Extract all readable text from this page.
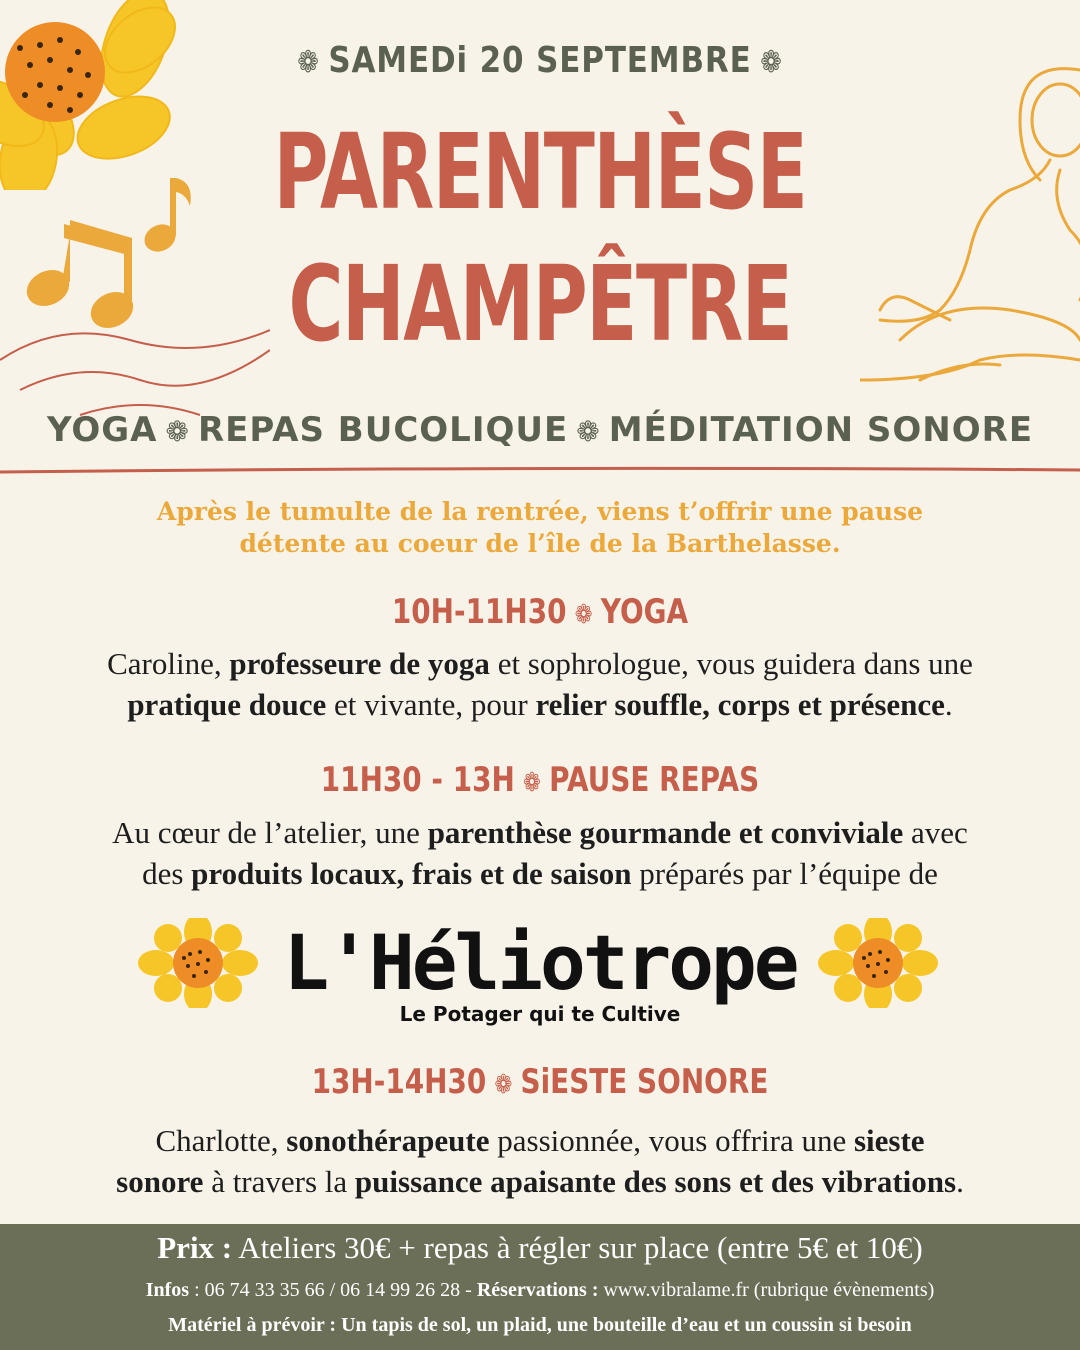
❁ SAMEDi 20 SEPTEMBRE ❁
PARENTHÈSE
CHAMPÊTRE
YOGA ❁ REPAS BUCOLIQUE ❁ MÉDITATION SONORE
Après le tumulte de la rentrée, viens t’offrir une pause
détente au coeur de l’île de la Barthelasse.
10H-11H30 ❁ YOGA
Caroline, professeure de yoga et sophrologue, vous guidera dans une
pratique douce et vivante, pour relier souffle, corps et présence.
11H30 - 13H ❁ PAUSE REPAS
Au cœur de l’atelier, une parenthèse gourmande et conviviale avec
des produits locaux, frais et de saison préparés par l’équipe de
L'Héliotrope
Le Potager qui te Cultive
13H-14H30 ❁ SiESTE SONORE
Charlotte, sonothérapeute passionnée, vous offrira une sieste
sonore à travers la puissance apaisante des sons et des vibrations.
Prix : Ateliers 30€ + repas à régler sur place (entre 5€ et 10€)
Infos : 06 74 33 35 66 / 06 14 99 26 28 - Réservations : www.vibralame.fr (rubrique évènements)
Matériel à prévoir : Un tapis de sol, un plaid, une bouteille d’eau et un coussin si besoin
